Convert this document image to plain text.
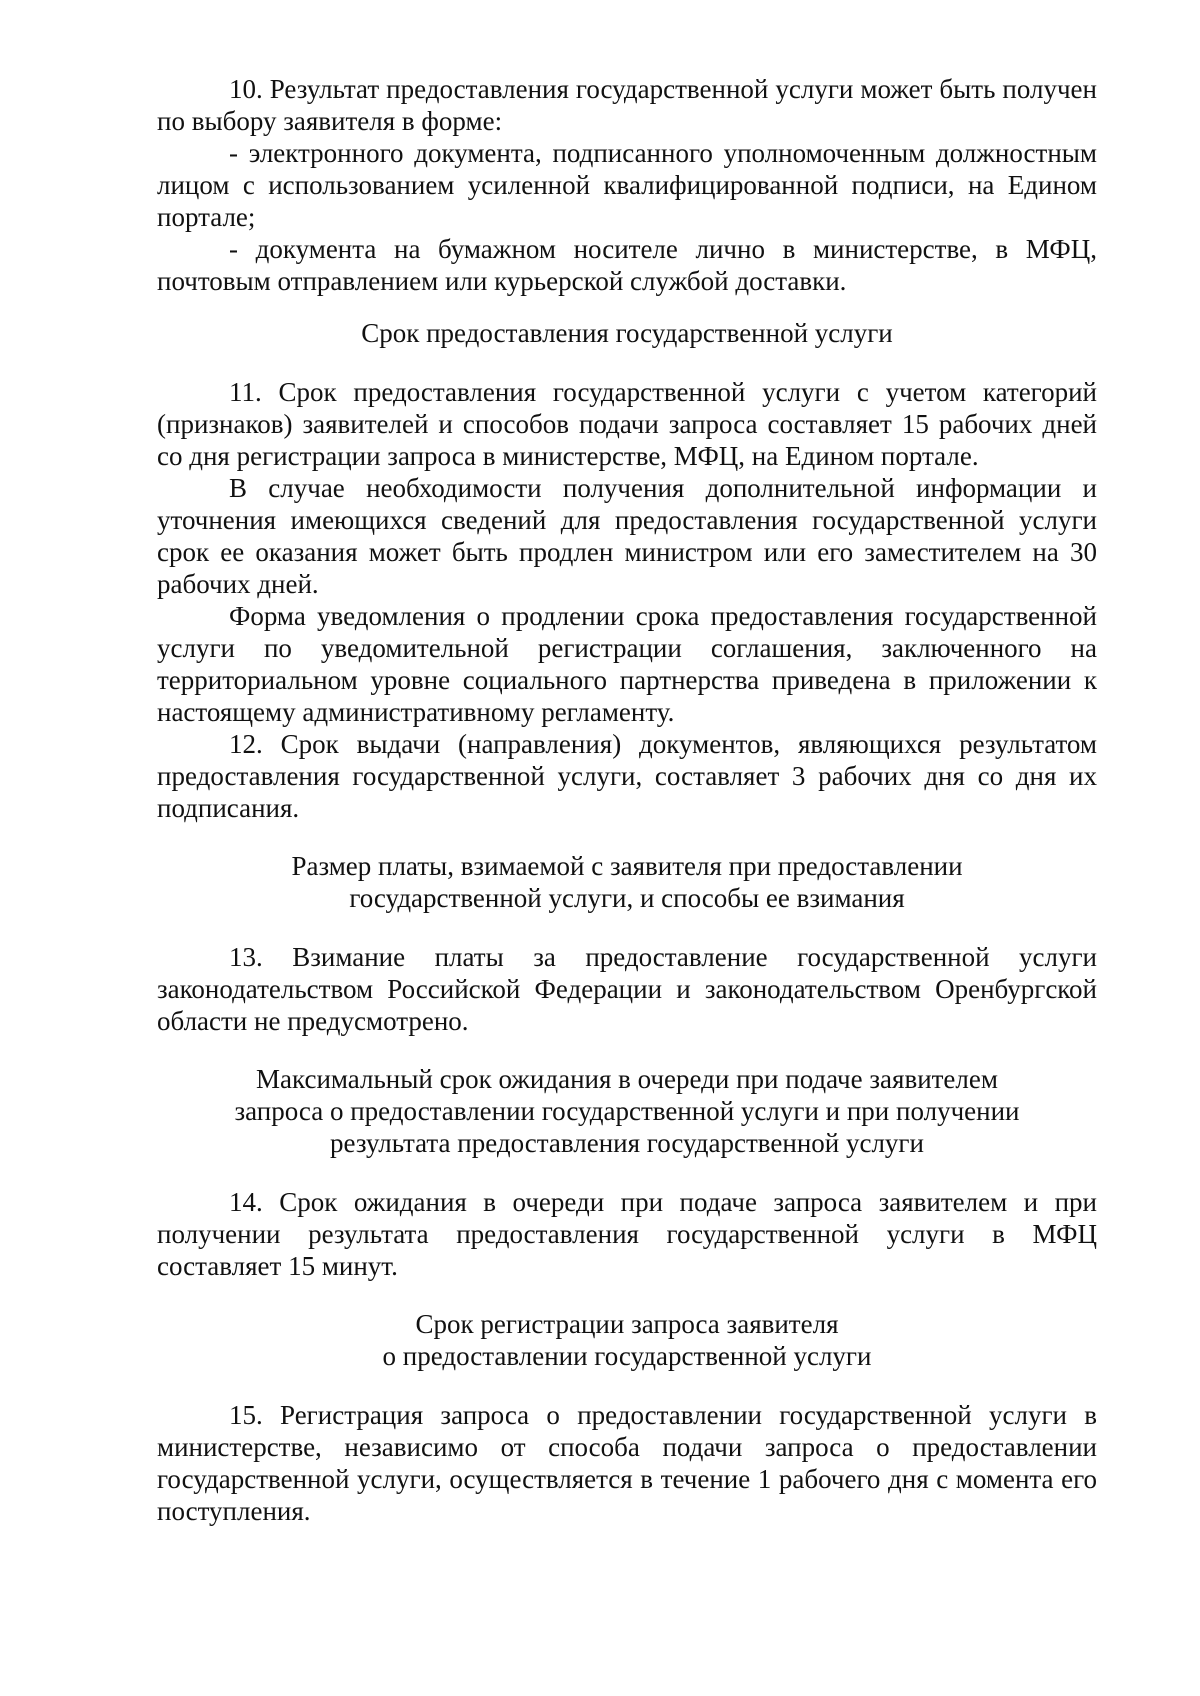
10. Результат предоставления государственной услуги может быть получен по выбору заявителя в форме:

- электронного документа, подписанного уполномоченным должностным лицом с использованием усиленной квалифицированной подписи, на Едином портале;

- документа на бумажном носителе лично в министерстве, в МФЦ, почтовым отправлением или курьерской службой доставки.

Срок предоставления государственной услуги

11. Срок предоставления государственной услуги с учетом категорий (признаков) заявителей и способов подачи запроса составляет 15 рабочих дней со дня регистрации запроса в министерстве, МФЦ, на Едином портале.

В случае необходимости получения дополнительной информации и уточнения имеющихся сведений для предоставления государственной услуги срок ее оказания может быть продлен министром или его заместителем на 30 рабочих дней.

Форма уведомления о продлении срока предоставления государственной услуги по уведомительной регистрации соглашения, заключенного на территориальном уровне социального партнерства приведена в приложении к настоящему административному регламенту.

12. Срок выдачи (направления) документов, являющихся результатом предоставления государственной услуги, составляет 3 рабочих дня со дня их подписания.

Размер платы, взимаемой с заявителя при предоставлении
государственной услуги, и способы ее взимания

13. Взимание платы за предоставление государственной услуги законодательством Российской Федерации и законодательством Оренбургской области не предусмотрено.

Максимальный срок ожидания в очереди при подаче заявителем
запроса о предоставлении государственной услуги и при получении
результата предоставления государственной услуги

14. Срок ожидания в очереди при подаче запроса заявителем и при получении результата предоставления государственной услуги в МФЦ составляет 15 минут.

Срок регистрации запроса заявителя
о предоставлении государственной услуги

15. Регистрация запроса о предоставлении государственной услуги в министерстве, независимо от способа подачи запроса о предоставлении государственной услуги, осуществляется в течение 1 рабочего дня с момента его поступления.
